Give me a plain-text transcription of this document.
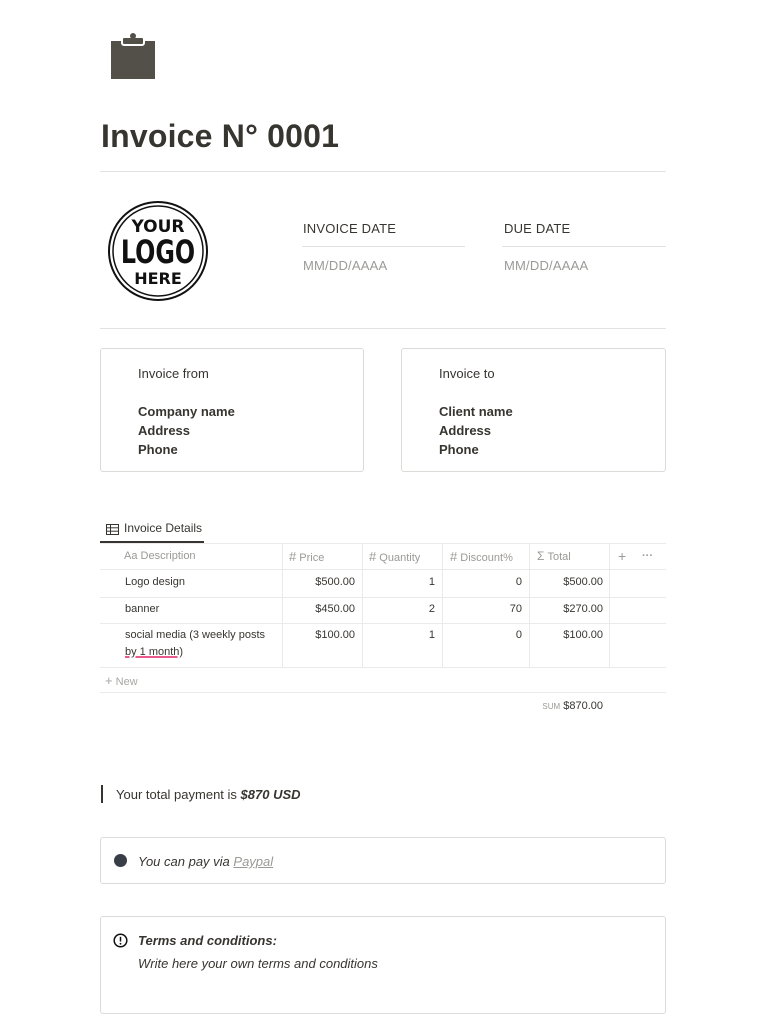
Invoice N° 0001
YOUR
LOGO
HERE
INVOICE DATE
MM/DD/AAAA
DUE DATE
MM/DD/AAAA
Invoice from
Company name
Address
Phone
Invoice to
Client name
Address
Phone
Invoice Details
Aa Description	# Price	# Quantity # Discount% Σ Total	+ ···
Logo design	$500.00	1	0	$500.00
banner	$450.00	2	70	$270.00
social media (3 weekly posts
by 1 month)
$100.00	1	0	$100.00
+ New
SUM $870.00
Your total payment is $870 USD
You can pay via Paypal
Terms and conditions:
Write here your own terms and conditions
